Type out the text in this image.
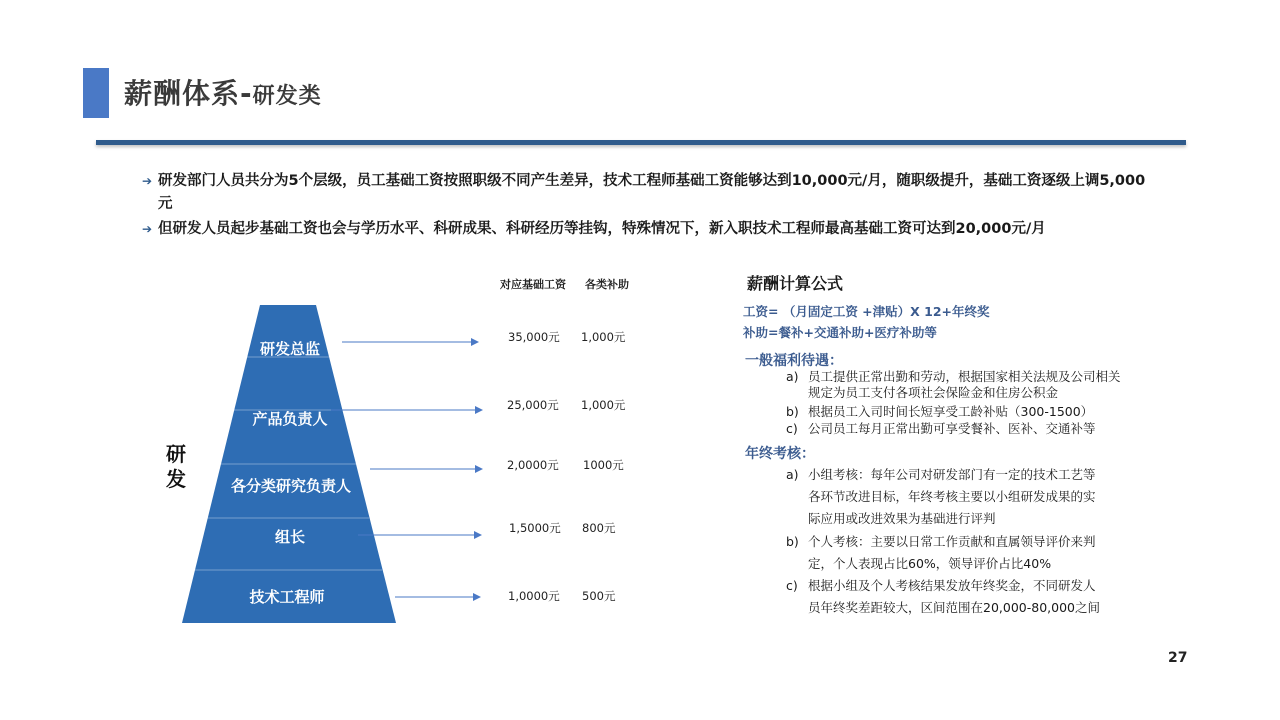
薪酬体系-研发类
➔ 研发部门人员共分为5个层级，员工基础工资按照职级不同产生差异，技术工程师基础工资能够达到10,000元/月，随职级提升，基础工资逐级上调5,000元
➔ 但研发人员起步基础工资也会与学历水平、科研成果、科研经历等挂钩，特殊情况下，新入职技术工程师最高基础工资可达到20,000元/月
对应基础工资 各类补助
研
发
研发总监
产品负责人
各分类研究负责人
组长
技术工程师
35,000元 1,000元
25,000元 1,000元
2,0000元 1000元
1,5000元 800元
1,0000元 500元
薪酬计算公式
工资= （月固定工资 +津贴）X 12+年终奖
补助=餐补+交通补助+医疗补助等
一般福利待遇：
a) 员工提供正常出勤和劳动，根据国家相关法规及公司相关
规定为员工支付各项社会保险金和住房公积金
b) 根据员工入司时间长短享受工龄补贴（300-1500）
c) 公司员工每月正常出勤可享受餐补、医补、交通补等
年终考核：
a) 小组考核：每年公司对研发部门有一定的技术工艺等
各环节改进目标，年终考核主要以小组研发成果的实
际应用或改进效果为基础进行评判
b) 个人考核：主要以日常工作贡献和直属领导评价来判
定，个人表现占比60%，领导评价占比40%
c) 根据小组及个人考核结果发放年终奖金，不同研发人
员年终奖差距较大，区间范围在20,000-80,000之间
27
